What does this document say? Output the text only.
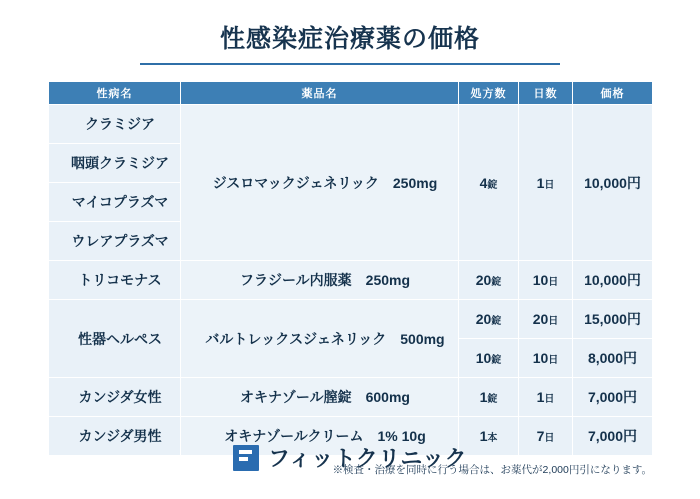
性感染症治療薬の価格
性病名	薬品名	処方数	日数	価格
クラミジア	ジスロマックジェネリック　250mg	4錠	1日	10,000円
咽頭クラミジア				
マイコプラズマ				
ウレアプラズマ				
トリコモナス	フラジール内服薬　250mg	20錠	10日	10,000円
性器ヘルペス	バルトレックスジェネリック　500mg	20錠	20日	15,000円
		10錠	10日	8,000円
カンジダ女性	オキナゾール膣錠　600mg	1錠	1日	7,000円
カンジダ男性	オキナゾールクリーム　1% 10g	1本	7日	7,000円
※検査・治療を同時に行う場合は、お薬代が2,000円引になります。
フィットクリニック
